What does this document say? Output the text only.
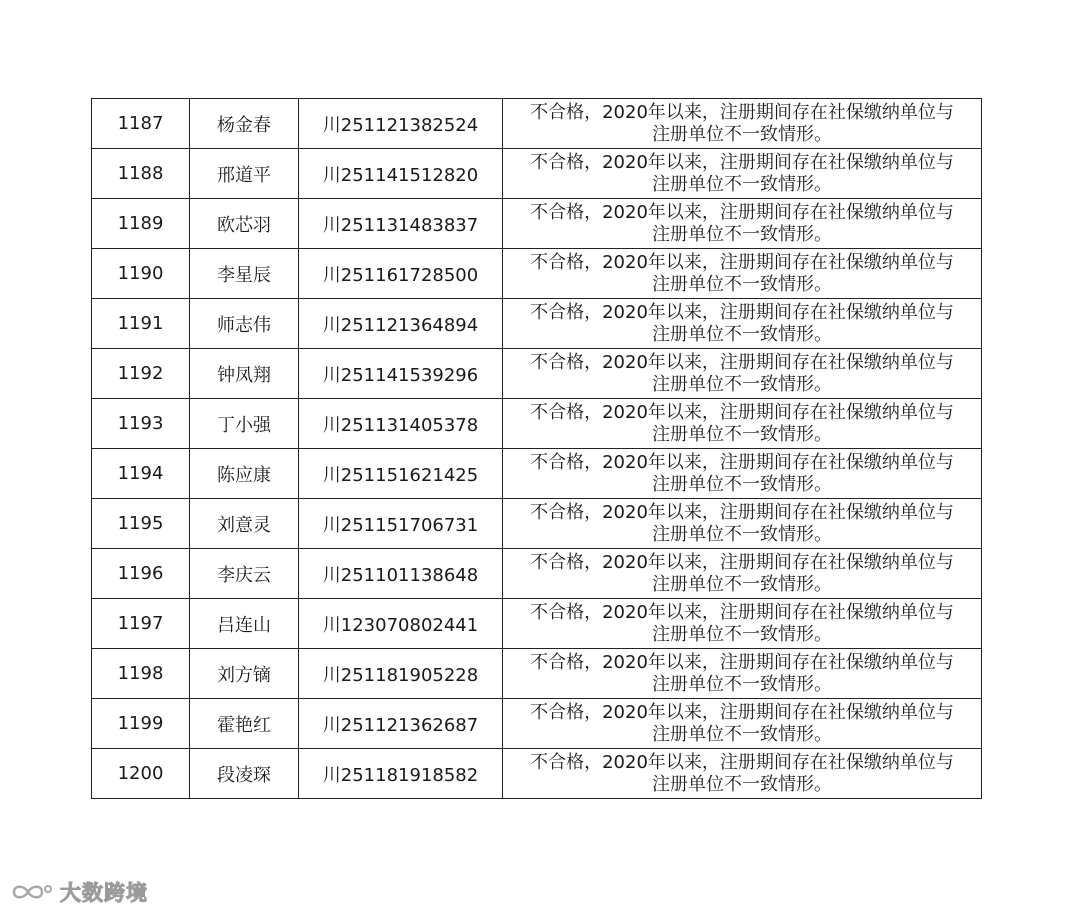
1187	杨金春	川251121382524	不合格，2020年以来，注册期间存在社保缴纳单位与
注册单位不一致情形。

1188	邢道平	川251141512820	不合格，2020年以来，注册期间存在社保缴纳单位与
注册单位不一致情形。

1189	欧芯羽	川251131483837	不合格，2020年以来，注册期间存在社保缴纳单位与
注册单位不一致情形。

1190	李星辰	川251161728500	不合格，2020年以来，注册期间存在社保缴纳单位与
注册单位不一致情形。

1191	师志伟	川251121364894	不合格，2020年以来，注册期间存在社保缴纳单位与
注册单位不一致情形。

1192	钟凤翔	川251141539296	不合格，2020年以来，注册期间存在社保缴纳单位与
注册单位不一致情形。

1193	丁小强	川251131405378	不合格，2020年以来，注册期间存在社保缴纳单位与
注册单位不一致情形。

1194	陈应康	川251151621425	不合格，2020年以来，注册期间存在社保缴纳单位与
注册单位不一致情形。

1195	刘意灵	川251151706731	不合格，2020年以来，注册期间存在社保缴纳单位与
注册单位不一致情形。

1196	李庆云	川251101138648	不合格，2020年以来，注册期间存在社保缴纳单位与
注册单位不一致情形。

1197	吕连山	川123070802441	不合格，2020年以来，注册期间存在社保缴纳单位与
注册单位不一致情形。

1198	刘方镝	川251181905228	不合格，2020年以来，注册期间存在社保缴纳单位与
注册单位不一致情形。

1199	霍艳红	川251121362687	不合格，2020年以来，注册期间存在社保缴纳单位与
注册单位不一致情形。

1200	段凌琛	川251181918582	不合格，2020年以来，注册期间存在社保缴纳单位与
注册单位不一致情形。
大数跨境
